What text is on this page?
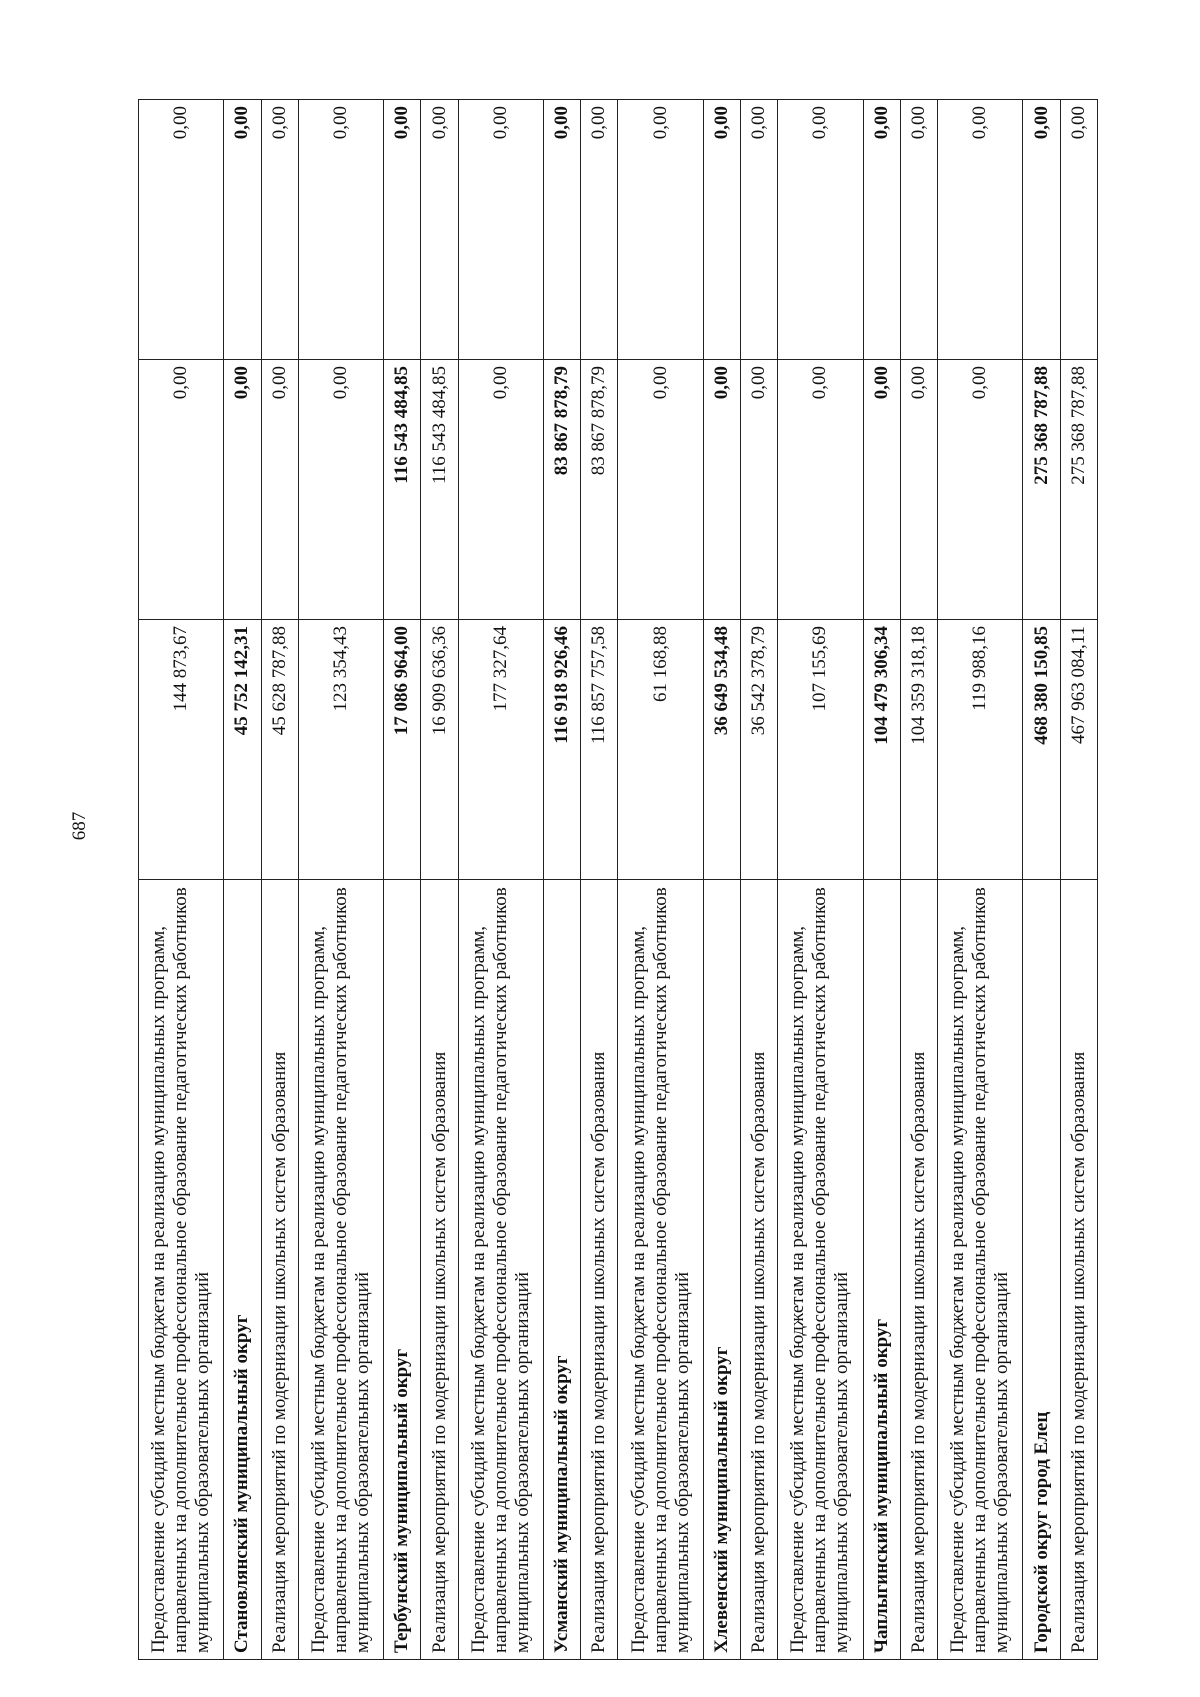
687
Предоставление субсидий местным бюджетам на реализацию муниципальных программ, направленных на дополнительное профессиональное образование педагогических работников муниципальных образовательных организаций	144 873,67	0,00	0,00
Становлянский муниципальный округ	45 752 142,31	0,00	0,00
Реализация мероприятий по модернизации школьных систем образования	45 628 787,88	0,00	0,00
Предоставление субсидий местным бюджетам на реализацию муниципальных программ, направленных на дополнительное профессиональное образование педагогических работников муниципальных образовательных организаций	123 354,43	0,00	0,00
Тербунский муниципальный округ	17 086 964,00	116 543 484,85	0,00
Реализация мероприятий по модернизации школьных систем образования	16 909 636,36	116 543 484,85	0,00
Предоставление субсидий местным бюджетам на реализацию муниципальных программ, направленных на дополнительное профессиональное образование педагогических работников муниципальных образовательных организаций	177 327,64	0,00	0,00
Усманский муниципальный округ	116 918 926,46	83 867 878,79	0,00
Реализация мероприятий по модернизации школьных систем образования	116 857 757,58	83 867 878,79	0,00
Предоставление субсидий местным бюджетам на реализацию муниципальных программ, направленных на дополнительное профессиональное образование педагогических работников муниципальных образовательных организаций	61 168,88	0,00	0,00
Хлевенский муниципальный округ	36 649 534,48	0,00	0,00
Реализация мероприятий по модернизации школьных систем образования	36 542 378,79	0,00	0,00
Предоставление субсидий местным бюджетам на реализацию муниципальных программ, направленных на дополнительное профессиональное образование педагогических работников муниципальных образовательных организаций	107 155,69	0,00	0,00
Чаплыгинский муниципальный округ	104 479 306,34	0,00	0,00
Реализация мероприятий по модернизации школьных систем образования	104 359 318,18	0,00	0,00
Предоставление субсидий местным бюджетам на реализацию муниципальных программ, направленных на дополнительное профессиональное образование педагогических работников муниципальных образовательных организаций	119 988,16	0,00	0,00
Городской округ город Елец	468 380 150,85	275 368 787,88	0,00
Реализация мероприятий по модернизации школьных систем образования	467 963 084,11	275 368 787,88	0,00
